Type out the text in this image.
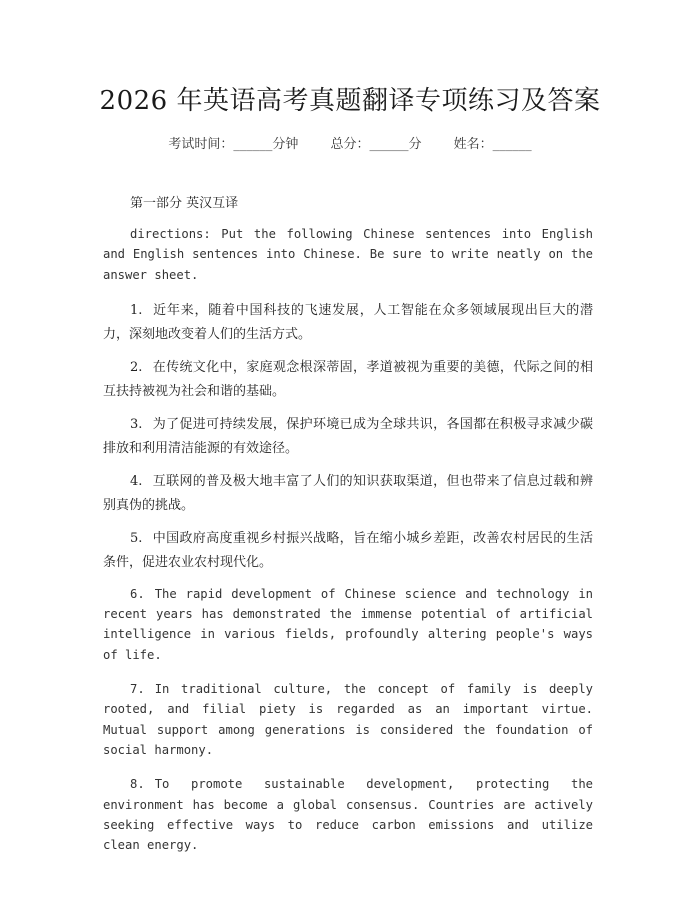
2026 年英语高考真题翻译专项练习及答案
考试时间：______分钟 总分：______分 姓名：______
第一部分 英汉互译

directions: Put the following Chinese sentences into English and English sentences into Chinese. Be sure to write neatly on the answer sheet.

1. 近年来，随着中国科技的飞速发展，人工智能在众多领域展现出巨大的潜力，深刻地改变着人们的生活方式。

2. 在传统文化中，家庭观念根深蒂固，孝道被视为重要的美德，代际之间的相互扶持被视为社会和谐的基础。

3. 为了促进可持续发展，保护环境已成为全球共识，各国都在积极寻求减少碳排放和利用清洁能源的有效途径。

4. 互联网的普及极大地丰富了人们的知识获取渠道，但也带来了信息过载和辨别真伪的挑战。

5. 中国政府高度重视乡村振兴战略，旨在缩小城乡差距，改善农村居民的生活条件，促进农业农村现代化。

6. The rapid development of Chinese science and technology in recent years has demonstrated the immense potential of artificial intelligence in various fields, profoundly altering people's ways of life.

7. In traditional culture, the concept of family is deeply rooted, and filial piety is regarded as an important virtue. Mutual support among generations is considered the foundation of social harmony.

8. To promote sustainable development, protecting the environment has become a global consensus. Countries are actively seeking effective ways to reduce carbon emissions and utilize clean energy.
